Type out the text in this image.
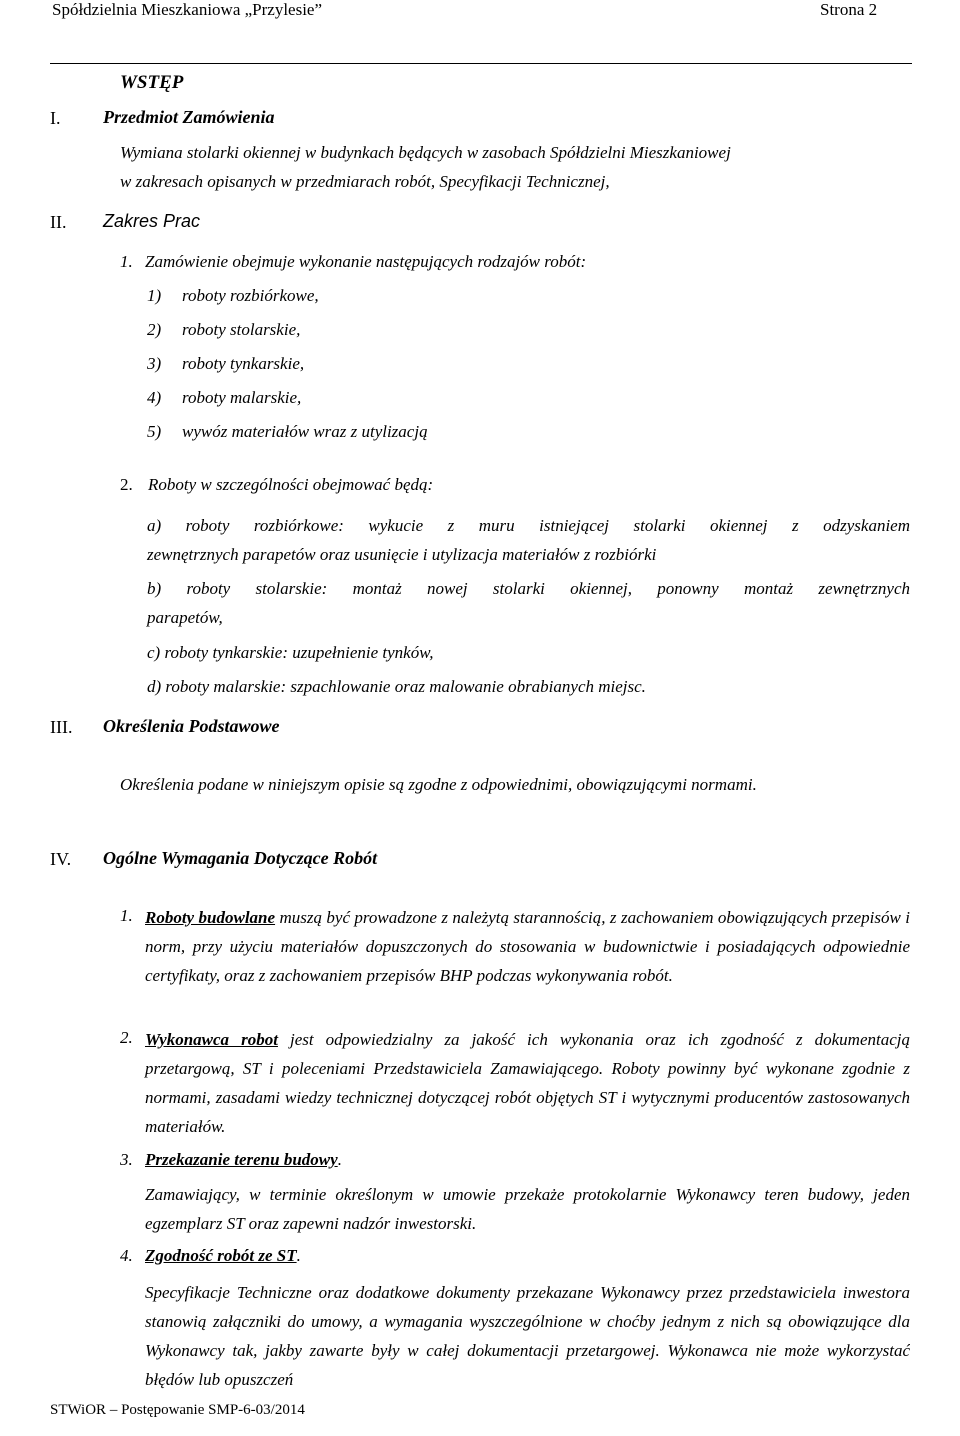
Spółdzielnia Mieszkaniowa „Przylesie”	Strona 2
WSTĘP
I. Przedmiot Zamówienia
Wymiana stolarki okiennej w budynkach będących w zasobach Spółdzielni Mieszkaniowej
w zakresach opisanych w przedmiarach robót, Specyfikacji Technicznej,
II. Zakres Prac
1. Zamówienie obejmuje wykonanie następujących rodzajów robót:
1) roboty rozbiórkowe,
2) roboty stolarskie,
3) roboty tynkarskie,
4) roboty malarskie,
5) wywóz materiałów wraz z utylizacją
2. Roboty w szczególności obejmować będą:
a) roboty rozbiórkowe: wykucie z muru istniejącej stolarki okiennej z odzyskaniem
zewnętrznych parapetów oraz usunięcie i utylizacja materiałów z rozbiórki
b) roboty stolarskie: montaż nowej stolarki okiennej, ponowny montaż zewnętrznych
parapetów,
c) roboty tynkarskie: uzupełnienie tynków,
d) roboty malarskie: szpachlowanie oraz malowanie obrabianych miejsc.
III. Określenia Podstawowe
Określenia podane w niniejszym opisie są zgodne z odpowiednimi, obowiązującymi normami.
IV. Ogólne Wymagania Dotyczące Robót
1. Roboty budowlane muszą być prowadzone z należytą starannością, z zachowaniem obowiązujących przepisów i norm, przy użyciu materiałów dopuszczonych do stosowania w budownictwie i posiadających odpowiednie certyfikaty, oraz z zachowaniem przepisów BHP podczas wykonywania robót.
2. Wykonawca robot jest odpowiedzialny za jakość ich wykonania oraz ich zgodność z dokumentacją przetargową, ST i poleceniami Przedstawiciela Zamawiającego. Roboty powinny być wykonane zgodnie z normami, zasadami wiedzy technicznej dotyczącej robót objętych ST i wytycznymi producentów zastosowanych materiałów.
3. Przekazanie terenu budowy.
Zamawiający, w terminie określonym w umowie przekaże protokolarnie Wykonawcy teren budowy, jeden egzemplarz ST oraz zapewni nadzór inwestorski.
4. Zgodność robót ze ST.
Specyfikacje Techniczne oraz dodatkowe dokumenty przekazane Wykonawcy przez przedstawiciela inwestora stanowią załączniki do umowy, a wymagania wyszczególnione w choćby jednym z nich są obowiązujące dla Wykonawcy tak, jakby zawarte były w całej dokumentacji przetargowej. Wykonawca nie może wykorzystać błędów lub opuszczeń
STWiOR – Postępowanie SMP-6-03/2014
